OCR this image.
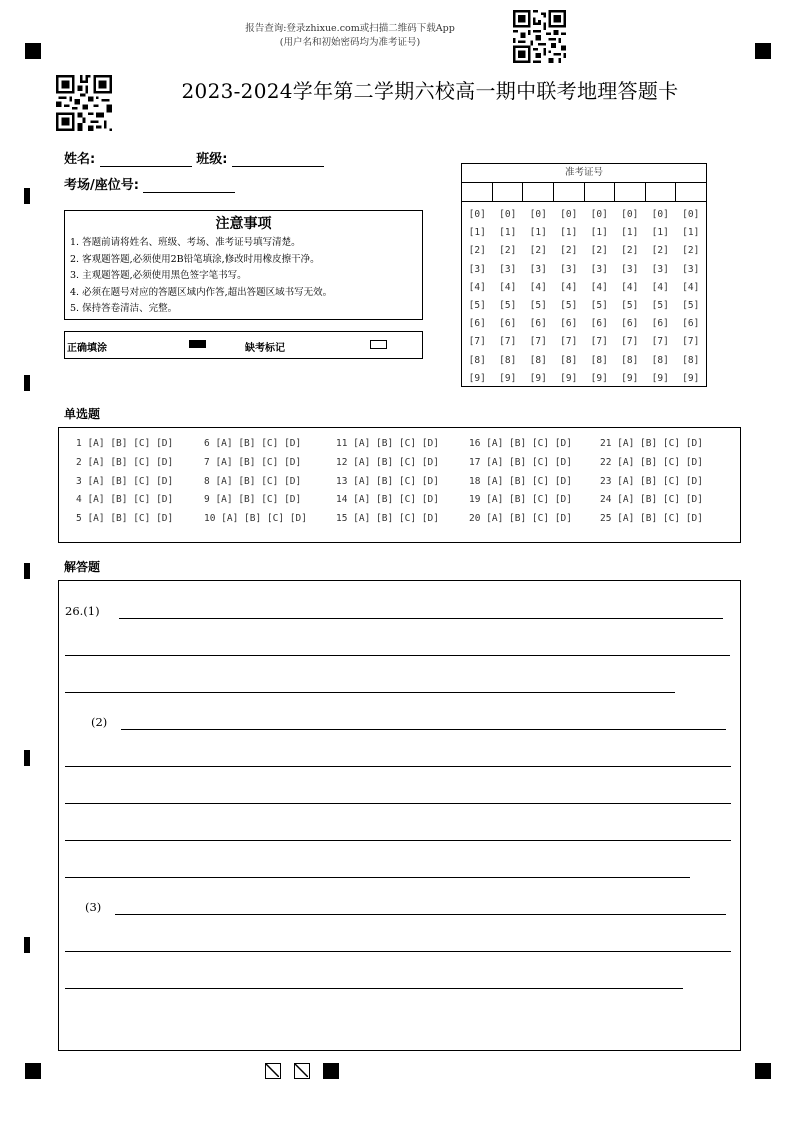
报告查询:登录zhixue.com或扫描二维码下载App
(用户名和初始密码均为准考证号)
2023-2024学年第二学期六校高一期中联考地理答题卡
姓名:	班级:
考场/座位号:
注意事项
1. 答题前请将姓名、班级、考场、准考证号填写清楚。
2. 客观题答题,必须使用2B铅笔填涂,修改时用橡皮擦干净。
3. 主观题答题,必须使用黑色签字笔书写。
4. 必须在题号对应的答题区域内作答,超出答题区域书写无效。
5. 保持答卷清洁、完整。
正确填涂	缺考标记
准考证号
[0]
[1]
[2]
[3]
[4]
[5]
[6]
[7]
[8]
[9]
[0]
[1]
[2]
[3]
[4]
[5]
[6]
[7]
[8]
[9]
[0]
[1]
[2]
[3]
[4]
[5]
[6]
[7]
[8]
[9]
[0]
[1]
[2]
[3]
[4]
[5]
[6]
[7]
[8]
[9]
[0]
[1]
[2]
[3]
[4]
[5]
[6]
[7]
[8]
[9]
[0]
[1]
[2]
[3]
[4]
[5]
[6]
[7]
[8]
[9]
[0]
[1]
[2]
[3]
[4]
[5]
[6]
[7]
[8]
[9]
[0]
[1]
[2]
[3]
[4]
[5]
[6]
[7]
[8]
[9]
单选题
1 [A] [B] [C] [D]
2 [A] [B] [C] [D]
3 [A] [B] [C] [D]
4 [A] [B] [C] [D]
5 [A] [B] [C] [D]
6 [A] [B] [C] [D]
7 [A] [B] [C] [D]
8 [A] [B] [C] [D]
9 [A] [B] [C] [D]
10 [A] [B] [C] [D]
11 [A] [B] [C] [D]
12 [A] [B] [C] [D]
13 [A] [B] [C] [D]
14 [A] [B] [C] [D]
15 [A] [B] [C] [D]
16 [A] [B] [C] [D]
17 [A] [B] [C] [D]
18 [A] [B] [C] [D]
19 [A] [B] [C] [D]
20 [A] [B] [C] [D]
21 [A] [B] [C] [D]
22 [A] [B] [C] [D]
23 [A] [B] [C] [D]
24 [A] [B] [C] [D]
25 [A] [B] [C] [D]
解答题
26.(1)
(2)
(3)
